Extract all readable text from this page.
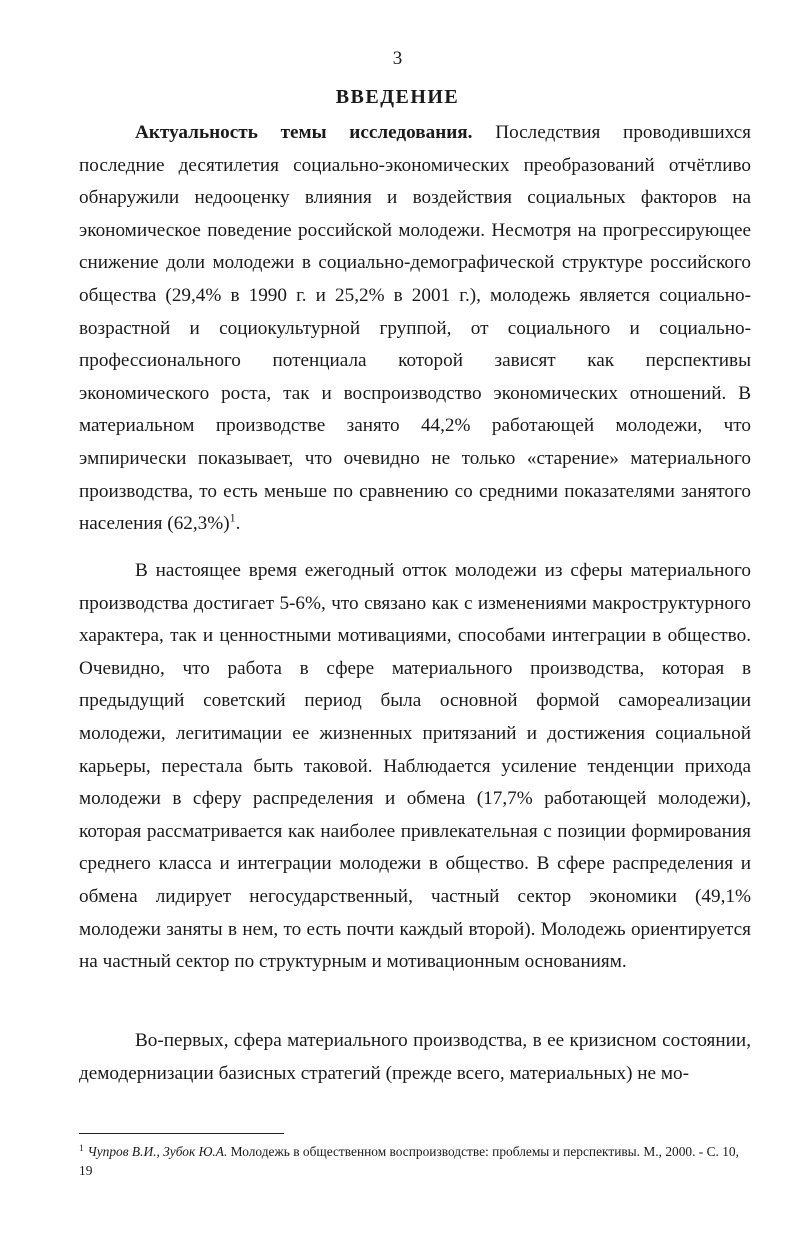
3
ВВЕДЕНИЕ

Актуальность темы исследования. Последствия проводившихся последние десятилетия социально-экономических преобразований отчётливо обнаружили недооценку влияния и воздействия социальных факторов на экономическое поведение российской молодежи. Несмотря на прогрессирующее снижение доли молодежи в социально-демографической структуре российского общества (29,4% в 1990 г. и 25,2% в 2001 г.), молодежь является социально-возрастной и социокультурной группой, от социального и социально-профессионального потенциала которой зависят как перспективы экономического роста, так и воспроизводство экономических отношений. В материальном производстве занято 44,2% работающей молодежи, что эмпирически показывает, что очевидно не только «старение» материального производства, то есть меньше по сравнению со средними показателями занятого населения $(62,3\%)^1$.

В настоящее время ежегодный отток молодежи из сферы материального производства достигает 5-6%, что связано как с изменениями макроструктурного характера, так и ценностными мотивациями, способами интеграции в общество. Очевидно, что работа в сфере материального производства, которая в предыдущий советский период была основной формой самореализации молодежи, легитимации ее жизненных притязаний и достижения социальной карьеры, перестала быть таковой. Наблюдается усиление тенденции прихода молодежи в сферу распределения и обмена (17,7% работающей молодежи), которая рассматривается как наиболее привлекательная с позиции формирования среднего класса и интеграции молодежи в общество. В сфере распределения и обмена лидирует негосударственный, частный сектор экономики (49,1% молодежи заняты в нем, то есть почти каждый второй). Молодежь ориентируется на частный сектор по структурным и мотивационным основаниям.

Во-первых, сфера материального производства, в ее кризисном состоянии, демодернизации базисных стратегий (прежде всего, материальных) не мо-

$^1$ Чупров В.И., Зубок Ю.А. Молодежь в общественном воспроизводстве: проблемы и перспективы. М., 2000. - С. 10, 19
